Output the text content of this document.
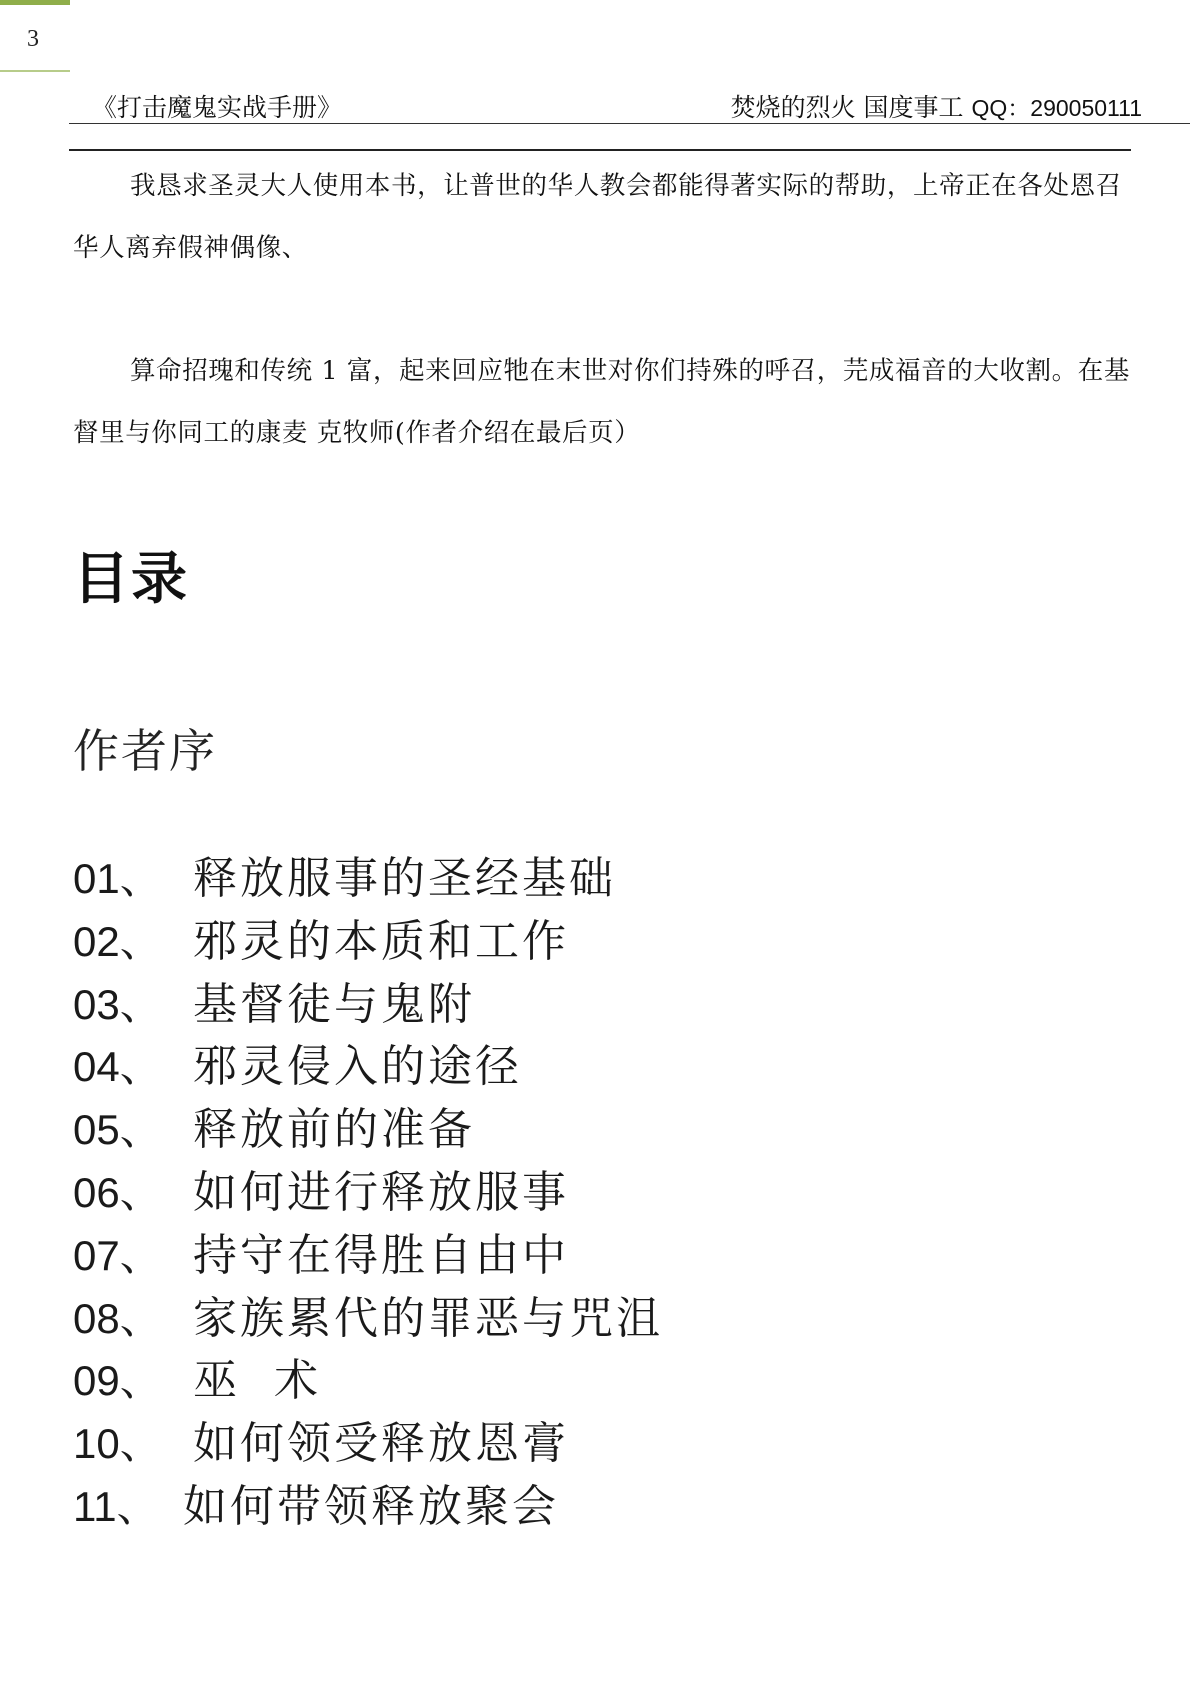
3
《打击魔鬼实战手册》	焚烧的烈火 国度事工 QQ：290050111

我恳求圣灵大人使用本书，让普世的华人教会都能得著实际的帮助，上帝正在各处恩召华人离弃假神偶像、

算命招瑰和传统 1 富，起来回应牠在末世对你们持殊的呼召，芫成福音的大收割。在基督里与你同工的康麦 克牧师(作者介绍在最后页）

目录
作者序
01、 释放服事的圣经基础
02、 邪灵的本质和工作
03、 基督徒与鬼附
04、 邪灵侵入的途径
05、 释放前的准备
06、 如何进行释放服事
07、 持守在得胜自由中
08、 家族累代的罪恶与咒沮
09、 巫  术
10、 如何领受释放恩膏
11、 如何带领释放聚会
